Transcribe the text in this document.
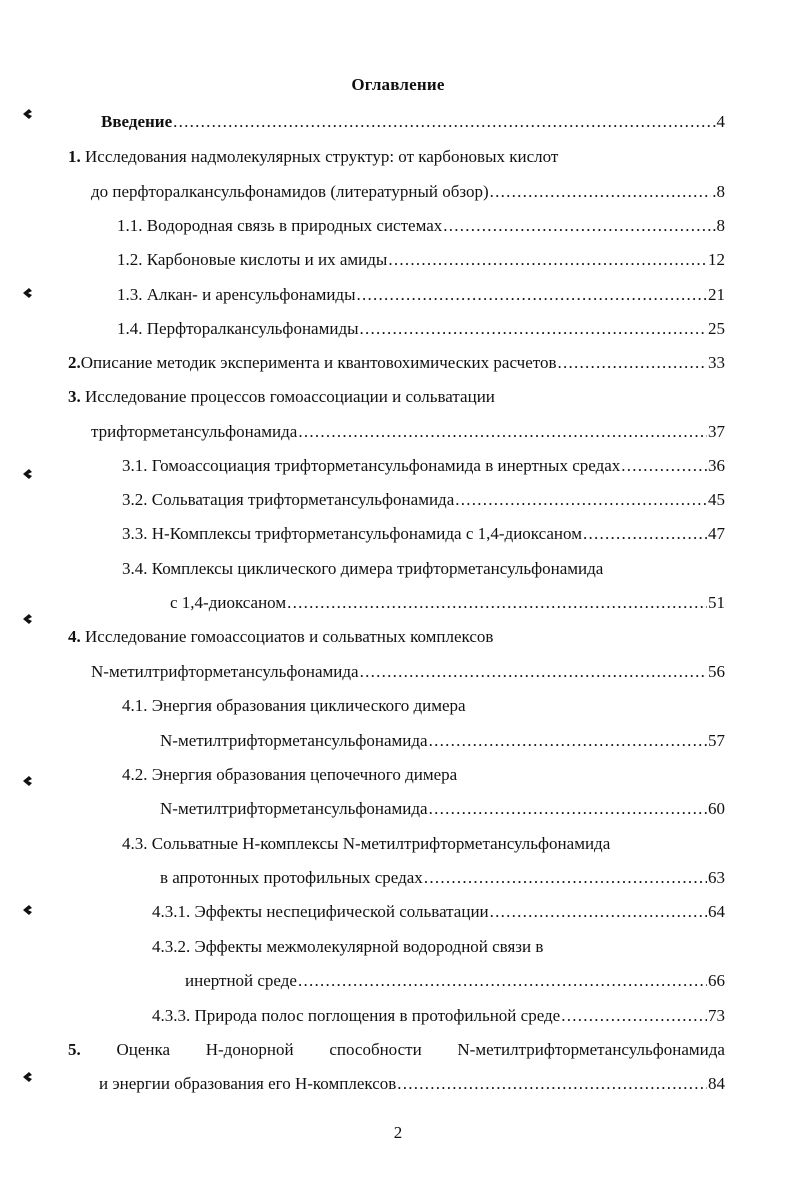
Оглавление
Введение . . .	.4
1. Исследования надмолекулярных структур: от карбоновых кислот
до перфторалкансульфонамидов (литературный обзор) . . .	.8
1.1. Водородная связь в природных системах . . .	.8
1.2. Карбоновые кислоты и их амиды . . .	12
1.3. Алкан- и аренсульфонамиды . . .	21
1.4. Перфторалкансульфонамиды . . .	25
2. Описание методик эксперимента и квантовохимических расчетов . . .	33
3. Исследование процессов гомоассоциации и сольватации
трифторметансульфонамида . . .	37
3.1. Гомоассоциация трифторметансульфонамида в инертных средах . . .	36
3.2. Сольватация трифторметансульфонамида . . .	45
3.3. Н-Комплексы трифторметансульфонамида с 1,4-диоксаном . . .	47
3.4. Комплексы циклического димера трифторметансульфонамида
с 1,4-диоксаном . . .	51
4. Исследование гомоассоциатов и сольватных комплексов
N-метилтрифторметансульфонамида . . .	56
4.1. Энергия образования циклического димера
N-метилтрифторметансульфонамида . . .	57
4.2. Энергия образования цепочечного димера
N-метилтрифторметансульфонамида . . .	60
4.3. Сольватные Н-комплексы N-метилтрифторметансульфонамида
в апротонных протофильных средах . . .	63
4.3.1. Эффекты неспецифической сольватации . . .	64
4.3.2. Эффекты межмолекулярной водородной связи в
инертной среде . . .	66
4.3.3. Природа полос поглощения в протофильной среде . . .	73
5. Оценка Н-донорной способности N-метилтрифторметансульфонамида
и энергии образования его Н-комплексов . . .	84
2
